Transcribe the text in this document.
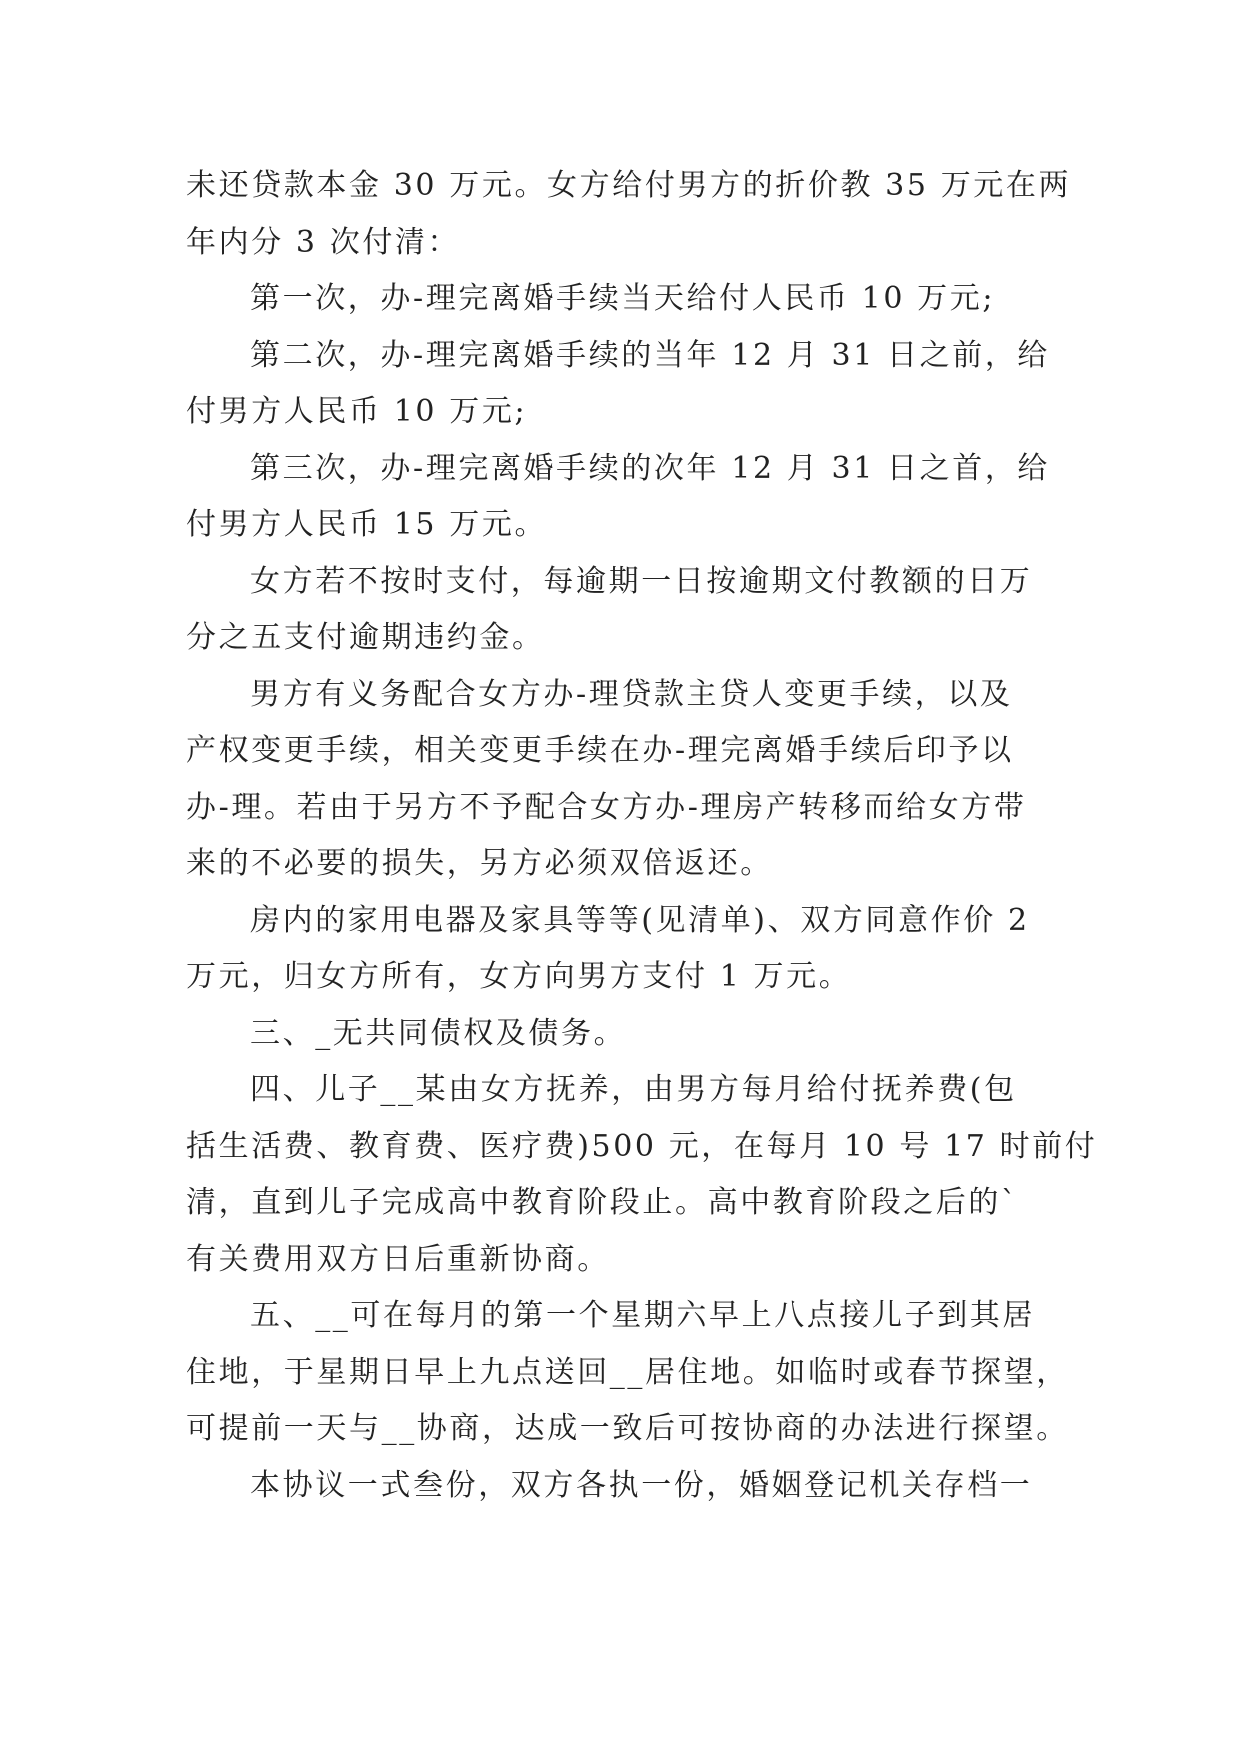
未还贷款本金 30 万元。女方给付男方的折价教 35 万元在两
年内分 3 次付清：
第一次，办-理完离婚手续当天给付人民币 10 万元;
第二次，办-理完离婚手续的当年 12 月 31 日之前，给
付男方人民币 10 万元;
第三次，办-理完离婚手续的次年 12 月 31 日之首，给
付男方人民币 15 万元。
女方若不按时支付，每逾期一日按逾期文付教额的日万
分之五支付逾期违约金。
男方有义务配合女方办-理贷款主贷人变更手续，以及
产权变更手续，相关变更手续在办-理完离婚手续后印予以
办-理。若由于另方不予配合女方办-理房产转移而给女方带
来的不必要的损失，另方必须双倍返还。
房内的家用电器及家具等等(见清单)、双方同意作价 2
万元，归女方所有，女方向男方支付 1 万元。
三、_无共同债权及债务。
四、儿子__某由女方抚养，由男方每月给付抚养费(包
括生活费、教育费、医疗费)500 元，在每月 10 号 17 时前付
清，直到儿子完成高中教育阶段止。高中教育阶段之后的`
有关费用双方日后重新协商。
五、__可在每月的第一个星期六早上八点接儿子到其居
住地，于星期日早上九点送回__居住地。如临时或春节探望，
可提前一天与__协商，达成一致后可按协商的办法进行探望。
本协议一式叁份，双方各执一份，婚姻登记机关存档一
